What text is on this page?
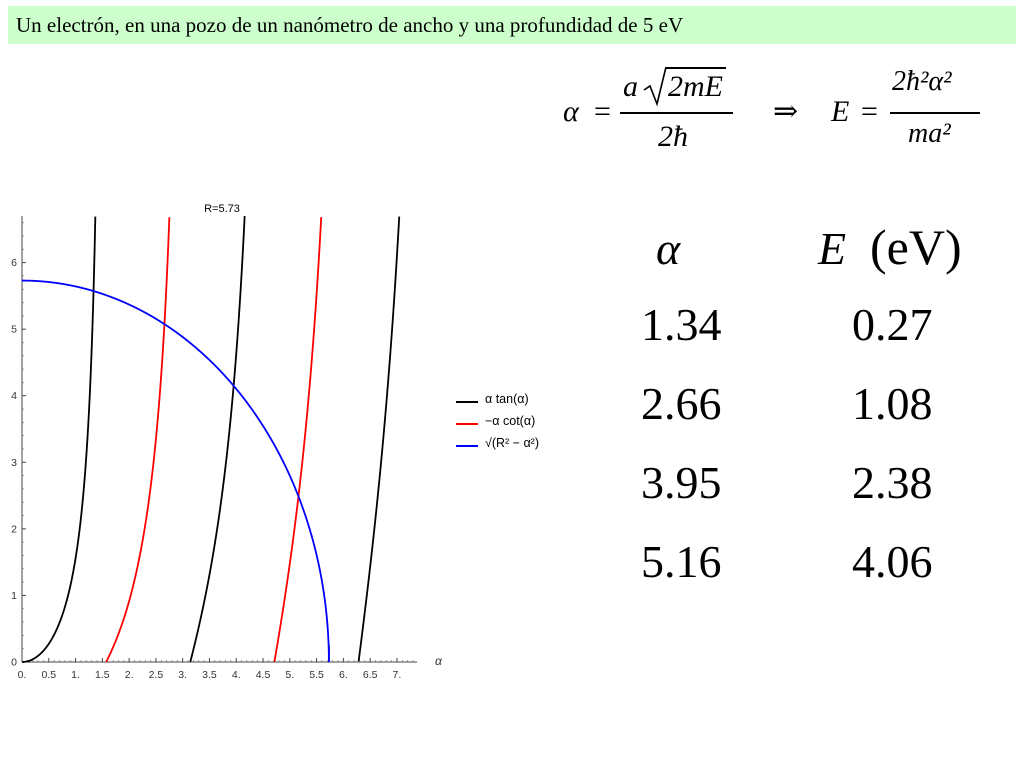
Un electrón, en una pozo de un nanómetro de ancho y una profundidad de 5 eV
α =
a 2mE
2ħ
⇒ E =
2ħ²α²
ma²
α	E (eV)
1.34	0.27
2.66	1.08
3.95	2.38
5.16	4.06
0. 0.5 1. 1.5 2. 2.5 3. 3.5 4. 4.5 5. 5.5 6. 6.5 7.
0
1
2
3
4
5
6
α
R=5.73
α tan(α)
−α cot(α)
√(R² − α²)
